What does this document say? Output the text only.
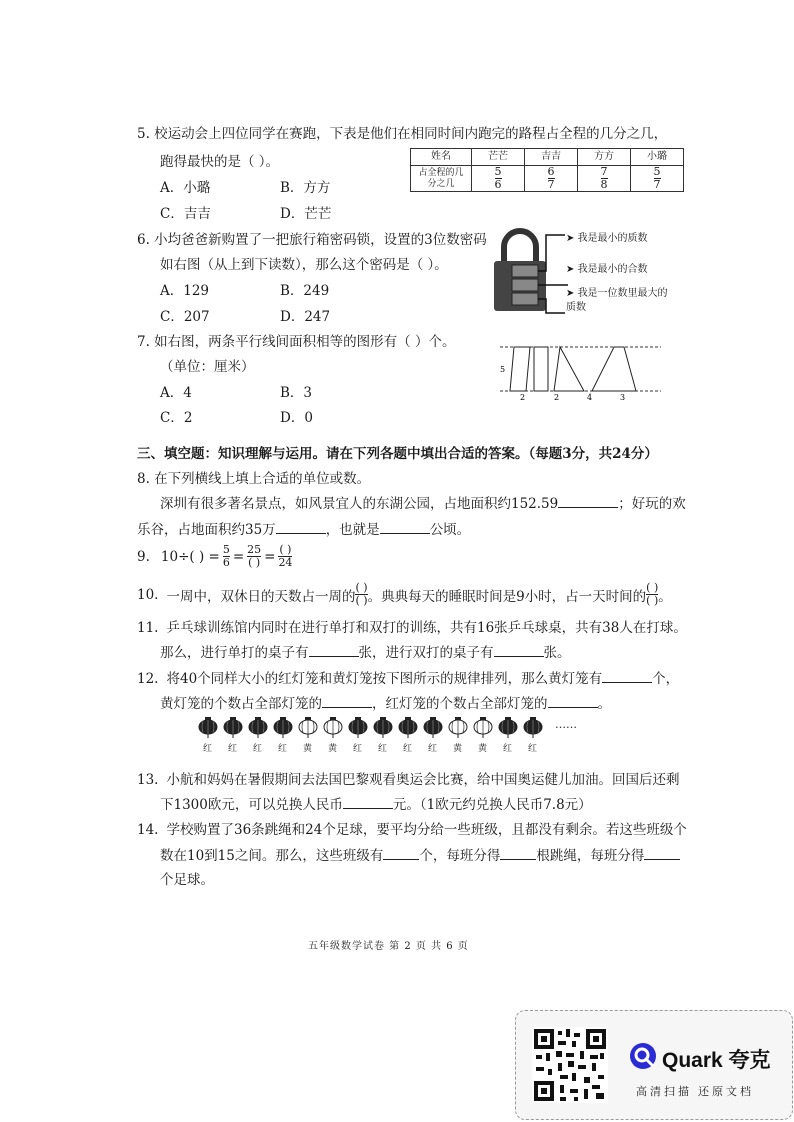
5. 校运动会上四位同学在赛跑，下表是他们在相同时间内跑完的路程占全程的几分之几，
跑得最快的是（ ）。
A．小璐	B．方方
C．吉吉	D．芒芒
姓名	芒芒	吉吉	方方	小璐
占全程的几分之几	$\frac{5}{6}$	$\frac{6}{7}$	$\frac{7}{8}$	$\frac{5}{7}$
6. 小均爸爸新购置了一把旅行箱密码锁，设置的3位数密码
如右图（从上到下读数），那么这个密码是（ ）。
A．129	B．249
C．207	D．247
➤ 我是最小的质数
➤ 我是最小的合数
➤ 我是一位数里最大的质数
7. 如右图，两条平行线间面积相等的图形有（ ）个。
（单位：厘米）
A．4	B．3
C．2	D．0
5
2	2	4	3
三、填空题：知识理解与运用。请在下列各题中填出合适的答案。（每题3分，共24分）
8. 在下列横线上填上合适的单位或数。
深圳有很多著名景点，如风景宜人的东湖公园，占地面积约152.59	；好玩的欢
乐谷，占地面积约35万	，也就是	公顷。
9. 10÷( ) = $\frac{5}{6} = \frac{25}{( )} = \frac{( )}{24}$
10. 一周中，双休日的天数占一周的 $\frac{( )}{( )}$ 。典典每天的睡眠时间是9小时，占一天时间的 $\frac{( )}{( )}$ 。
11. 乒乓球训练馆内同时在进行单打和双打的训练，共有16张乒乓球桌，共有38人在打球。
那么，进行单打的桌子有	张，进行双打的桌子有	张。
12. 将40个同样大小的红灯笼和黄灯笼按下图所示的规律排列，那么黄灯笼有	个，
黄灯笼的个数占全部灯笼的	，红灯笼的个数占全部灯笼的	。
红 红 红 红 黄 黄 红 红 红 红 黄 黄 红 红
……
13. 小航和妈妈在暑假期间去法国巴黎观看奥运会比赛，给中国奥运健儿加油。回国后还剩
下1300欧元，可以兑换人民币	元。（1欧元约兑换人民币7.8元）
14. 学校购置了36条跳绳和24个足球，要平均分给一些班级，且都没有剩余。若这些班级个
数在10到15之间。那么，这些班级有	个，每班分得	根跳绳，每班分得
个足球。
五年级数学试卷 第 2 页 共 6 页
Quark 夸克
高清扫描 还原文档
